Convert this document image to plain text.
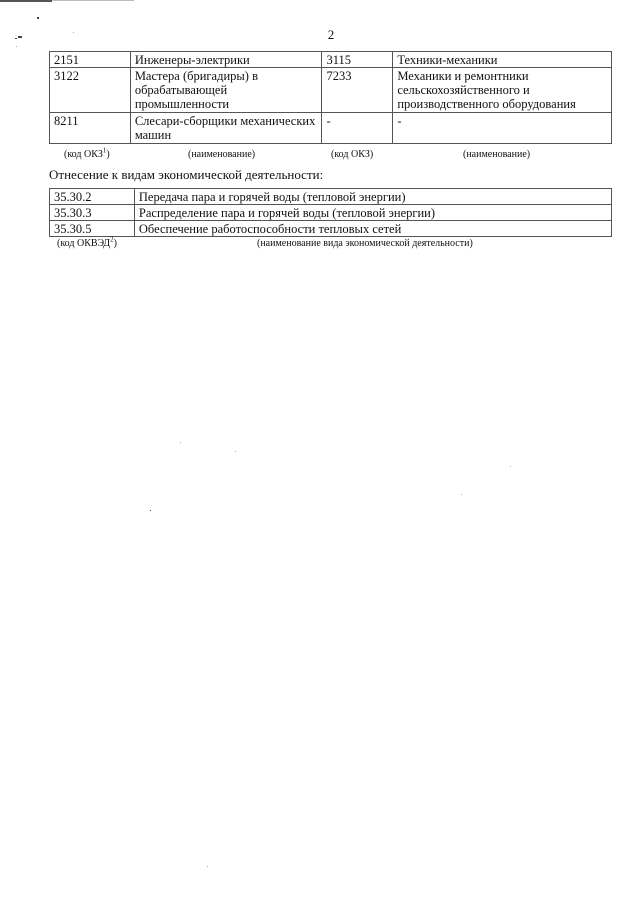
2
2151	Инженеры-электрики	3115	Техники-механики
3122	Мастера (бригадиры) в обрабатывающей промышленности	7233	Механики и ремонтники сельскохозяйственного и производственного оборудования
8211	Слесари-сборщики механических машин	-	-
(код ОКЗ$^1$)	(наименование)	(код ОКЗ)	(наименование)
Отнесение к видам экономической деятельности:
35.30.2	Передача пара и горячей воды (тепловой энергии)
35.30.3	Распределение пара и горячей воды (тепловой энергии)
35.30.5	Обеспечение работоспособности тепловых сетей
(код ОКВЭД$^2$)	(наименование вида экономической деятельности)
